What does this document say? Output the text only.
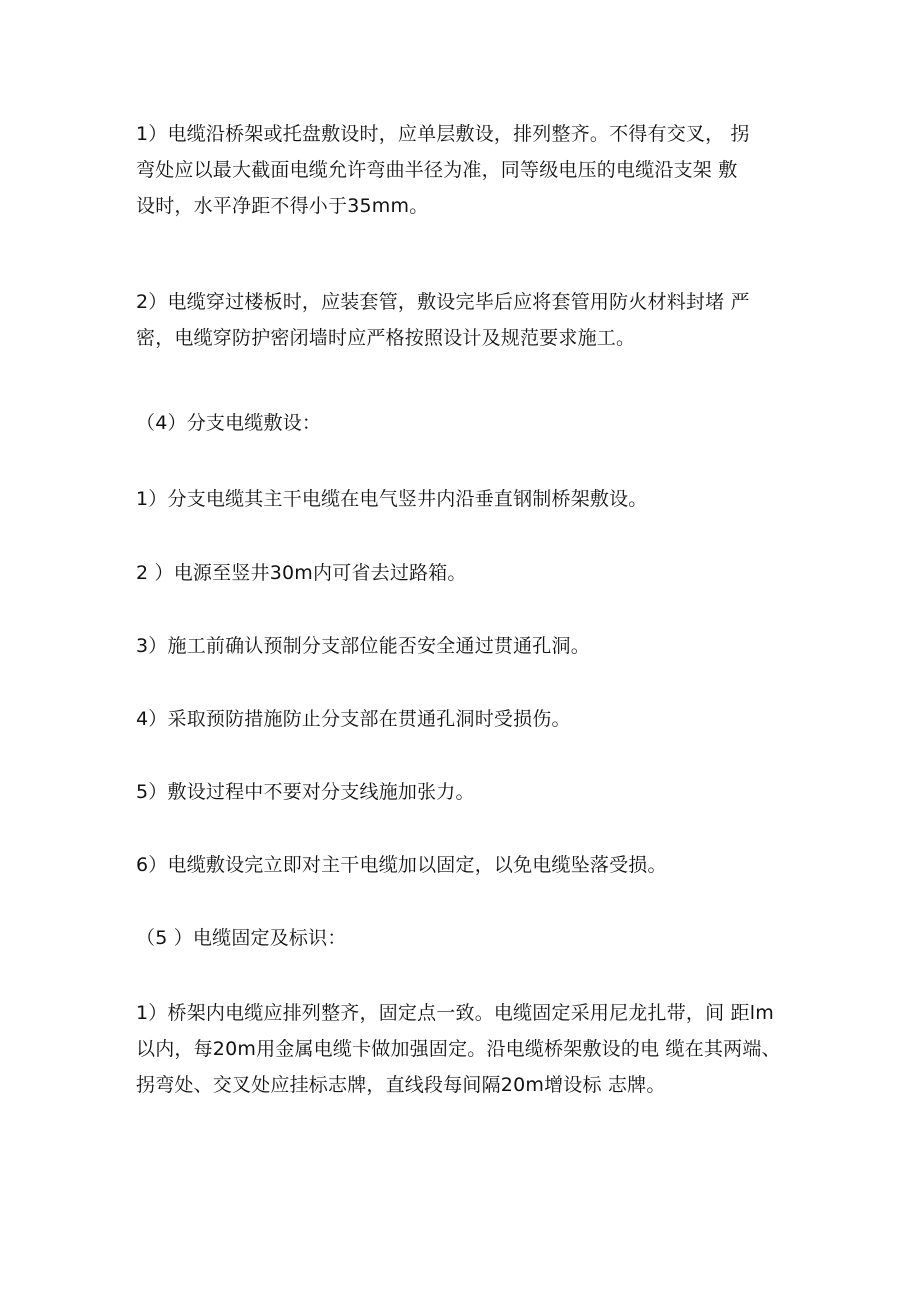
1）电缆沿桥架或托盘敷设时，应单层敷设，排列整齐。不得有交叉， 拐
弯处应以最大截面电缆允许弯曲半径为准，同等级电压的电缆沿支架 敷
设时，水平净距不得小于35mm。

2）电缆穿过楼板时，应装套管，敷设完毕后应将套管用防火材料封堵 严
密，电缆穿防护密闭墙时应严格按照设计及规范要求施工。

（4）分支电缆敷设：

1）分支电缆其主干电缆在电气竖井内沿垂直钢制桥架敷设。

2 ）电源至竖井30m内可省去过路箱。

3）施工前确认预制分支部位能否安全通过贯通孔洞。

4）采取预防措施防止分支部在贯通孔洞时受损伤。

5）敷设过程中不要对分支线施加张力。

6）电缆敷设完立即对主干电缆加以固定，以免电缆坠落受损。

（5 ）电缆固定及标识：

1）桥架内电缆应排列整齐，固定点一致。电缆固定采用尼龙扎带，间 距lm
以内，每20m用金属电缆卡做加强固定。沿电缆桥架敷设的电 缆在其两端、
拐弯处、交叉处应挂标志牌，直线段每间隔20m增设标 志牌。
